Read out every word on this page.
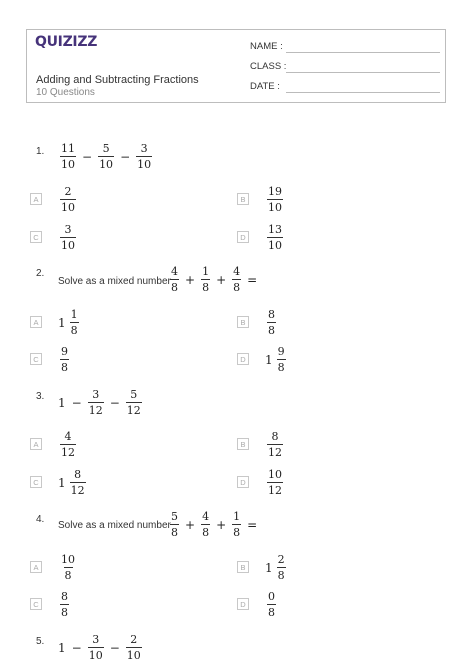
QUIZIZZ
Adding and Subtracting Fractions
10 Questions
NAME :
CLASS :
DATE :
1. $\frac{11}{10} - \frac{5}{10} - \frac{3}{10}$
A	$\frac{2}{10}$	B	$\frac{19}{10}$
C $\frac{3}{10}$	D $\frac{13}{10}$
2.
Solve as a mixed number $\frac{4}{8} + \frac{1}{8} + \frac{4}{8}$ =
A $1 \frac{1}{8}$	B	$\frac{8}{8}$
C $\frac{9}{8}$	D $1 \frac{9}{8}$
3. $1 - \frac{3}{12} - \frac{5}{12}$
A	$\frac{4}{12}$	B	$\frac{8}{12}$
C $1 \frac{8}{12}$	D $\frac{10}{12}$
4.
Solve as a mixed number $\frac{5}{8} + \frac{4}{8} + \frac{1}{8}$ =
A	$\frac{10}{8}$	B $1 \frac{2}{8}$
C $\frac{8}{8}$	D $\frac{0}{8}$
5. $1 - \frac{3}{10} - \frac{2}{10}$
